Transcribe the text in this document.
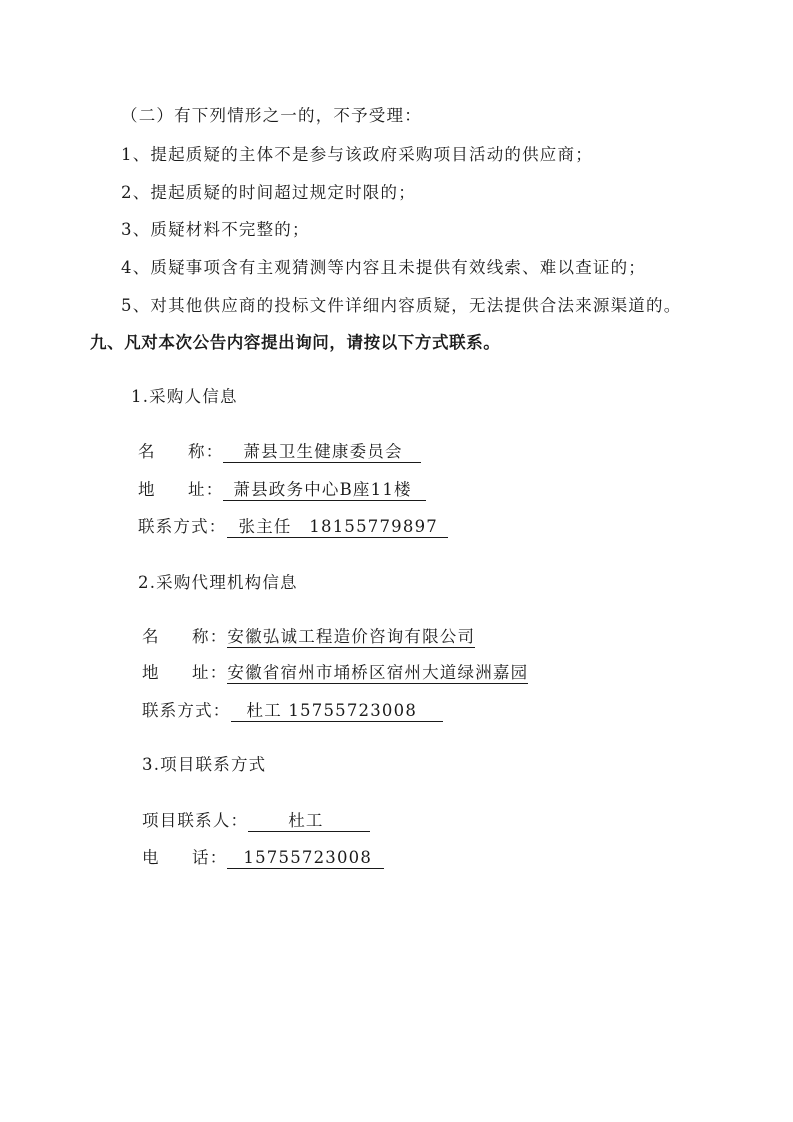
（二）有下列情形之一的，不予受理：
1、提起质疑的主体不是参与该政府采购项目活动的供应商；
2、提起质疑的时间超过规定时限的；
3、质疑材料不完整的；
4、质疑事项含有主观猜测等内容且未提供有效线索、难以查证的；
5、对其他供应商的投标文件详细内容质疑，无法提供合法来源渠道的。
九、凡对本次公告内容提出询问，请按以下方式联系。
1.采购人信息
名 称： 萧县卫生健康委员会
地 址： 萧县政务中心B座11楼
联系方式： 张主任　18155779897
2.采购代理机构信息
名 称：安徽弘诚工程造价咨询有限公司
地 址：安徽省宿州市埇桥区宿州大道绿洲嘉园
联系方式： 杜工 15755723008
3.项目联系方式
项目联系人： 杜工
电 话： 15755723008
